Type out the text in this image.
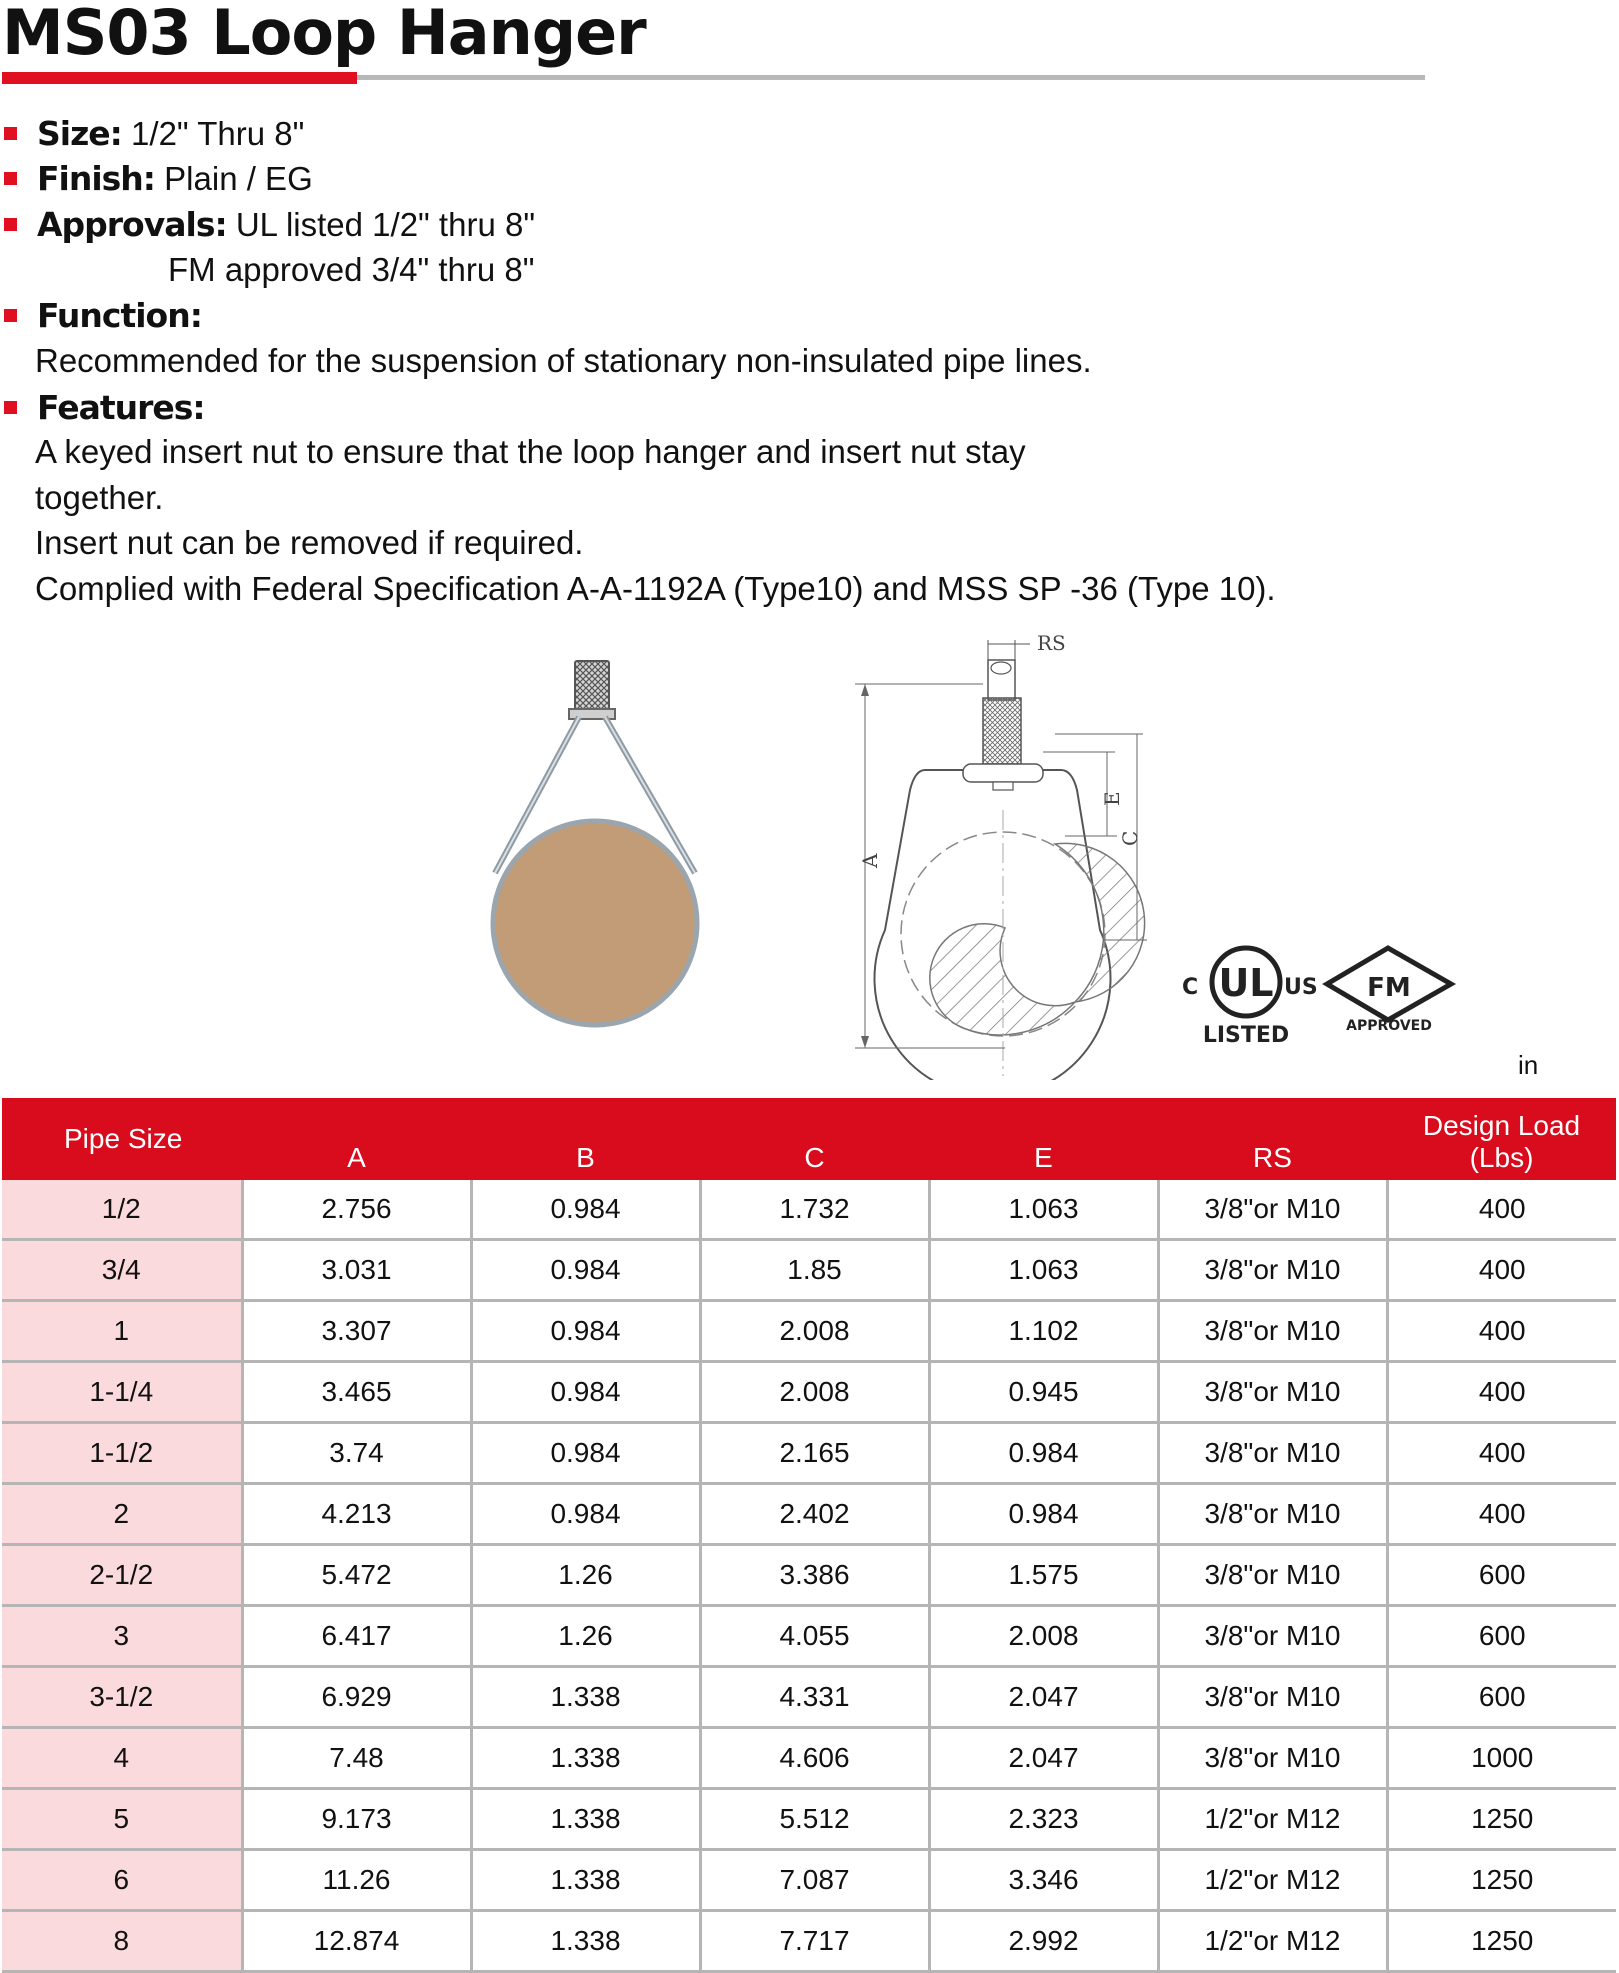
MS03 Loop Hanger
Size: 1/2" Thru 8"
Finish: Plain / EG
Approvals: UL listed 1/2" thru 8"
FM approved 3/4" thru 8"
Function:
Recommended for the suspension of stationary non-insulated pipe lines.
Features:
A keyed insert nut to ensure that the loop hanger and insert nut stay
together.
Insert nut can be removed if required.
Complied with Federal Specification A-A-1192A (Type10) and MSS SP -36 (Type 10).
RS
A
E
C
C UL US
LISTED
FM
APPROVED
in
Pipe Size	A	B	C	E	RS	Design Load
(Lbs)
1/2	2.756	0.984	1.732	1.063	3/8"or M10	400
3/4	3.031	0.984	1.85	1.063	3/8"or M10	400
1	3.307	0.984	2.008	1.102	3/8"or M10	400
1-1/4	3.465	0.984	2.008	0.945	3/8"or M10	400
1-1/2	3.74	0.984	2.165	0.984	3/8"or M10	400
2	4.213	0.984	2.402	0.984	3/8"or M10	400
2-1/2	5.472	1.26	3.386	1.575	3/8"or M10	600
3	6.417	1.26	4.055	2.008	3/8"or M10	600
3-1/2	6.929	1.338	4.331	2.047	3/8"or M10	600
4	7.48	1.338	4.606	2.047	3/8"or M10	1000
5	9.173	1.338	5.512	2.323	1/2"or M12	1250
6	11.26	1.338	7.087	3.346	1/2"or M12	1250
8	12.874	1.338	7.717	2.992	1/2"or M12	1250
